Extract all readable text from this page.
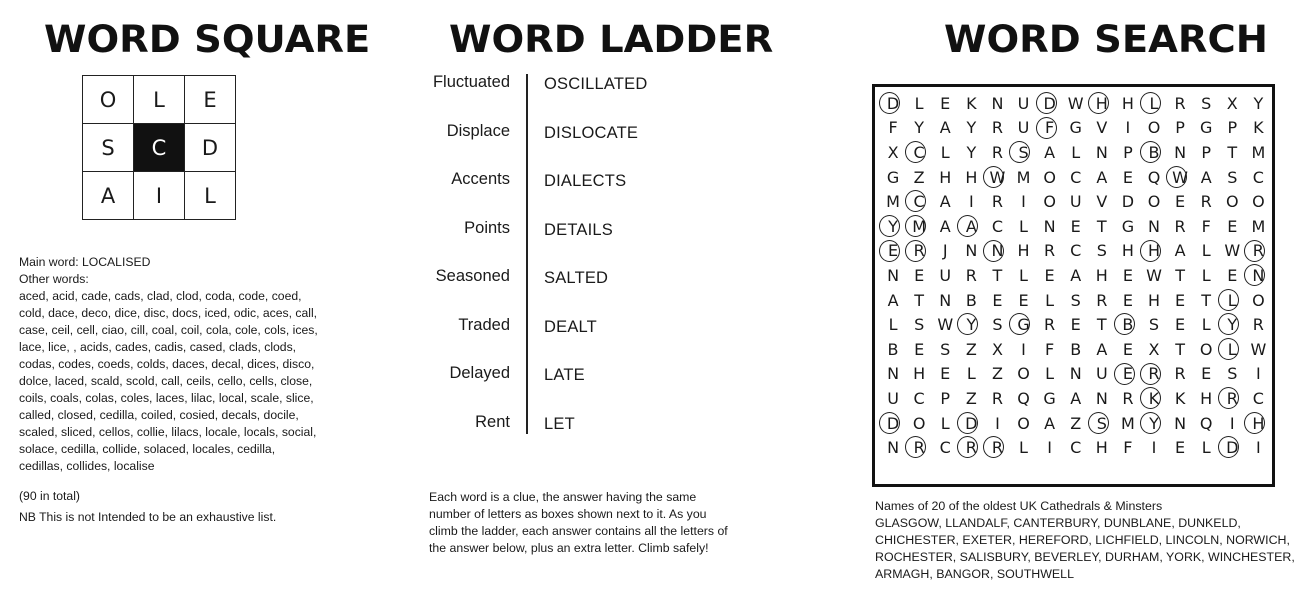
WORD SQUARE
O	L	E
S	C	D
A	I	L

Main word: LOCALISED

Other words:

aced, acid, cade, cads, clad, clod, coda, code, coed,
cold, dace, deco, dice, disc, docs, iced, odic, aces, call,
case, ceil, cell, ciao, cill, coal, coil, cola, cole, cols, ices,
lace, lice, , acids, cades, cadis, cased, clads, clods,
codas, codes, coeds, colds, daces, decal, dices, disco,
dolce, laced, scald, scold, call, ceils, cello, cells, close,
coils, coals, colas, coles, laces, lilac, local, scale, slice,
called, closed, cedilla, coiled, cosied, decals, docile,
scaled, sliced, cellos, collie, lilacs, locale, locals, social,
solace, cedilla, collide, solaced, locales, cedilla,
cedillas, collides, localise

(90 in total)

NB This is not Intended to be an exhaustive list.

WORD LADDER
Fluctuated OSCILLATED
Displace DISLOCATE
Accents DIALECTS
Points DETAILS
Seasoned SALTED
Traded DEALT
Delayed LATE
Rent LET
Each word is a clue, the answer having the same
number of letters as boxes shown next to it. As you
climb the ladder, each answer contains all the letters of
the answer below, plus an extra letter. Climb safely!
WORD SEARCH
D L	E K N U D W H H L	R S X Y
F	Y A Y R U F G V	I	O P G P	K
X C	L	Y R S A	L N P B N P	T M
G Z H H W M O C A E Q W A S C
M C A	I	R	I	O U V D O E R O O
Y M A A C	L N E	T G N R F	E M
E R	J	N N H R C S H H A	L W R
N E U R T	L	E A H E W T	L	E N
A T N B E E	L	S R E H E	T	L O
L	S W Y	S G R E	T B S E	L	Y R
B E S Z X	I	F	B A E X T O L W
N H E	L	Z O L N U E R R E S	I
U C P Z R Q G A N R K K H R C
D O L D	I	O A Z S M Y N Q	I	H
N R C R R	L	I	C H F	I	E	L D	I

Names of 20 of the oldest UK Cathedrals & Minsters

GLASGOW, LLANDALF, CANTERBURY, DUNBLANE, DUNKELD,
CHICHESTER, EXETER, HEREFORD, LICHFIELD, LINCOLN, NORWICH,
ROCHESTER, SALISBURY, BEVERLEY, DURHAM, YORK, WINCHESTER,
ARMAGH, BANGOR, SOUTHWELL
